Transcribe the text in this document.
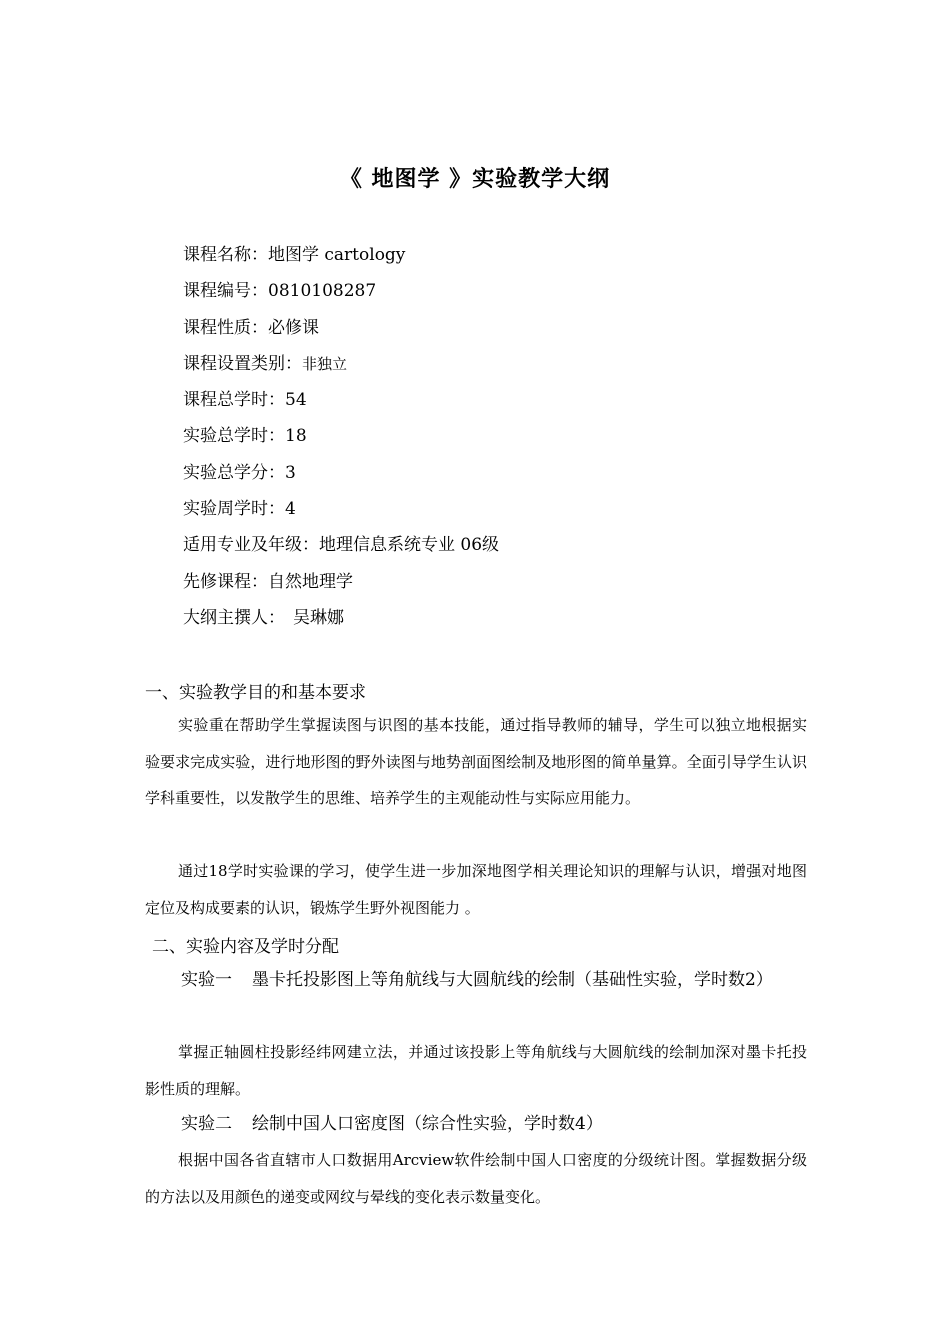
《 地图学 》实验教学大纲
课程名称：地图学 cartology
课程编号：0810108287
课程性质：必修课
课程设置类别：非独立
课程总学时：54
实验总学时：18
实验总学分：3
实验周学时：4
适用专业及年级：地理信息系统专业 06级
先修课程：自然地理学
大纲主撰人： 吴琳娜
一、实验教学目的和基本要求
实验重在帮助学生掌握读图与识图的基本技能，通过指导教师的辅导，学生可以独立地根据实验要求完成实验，进行地形图的野外读图与地势剖面图绘制及地形图的简单量算。全面引导学生认识学科重要性，以发散学生的思维、培养学生的主观能动性与实际应用能力。
通过18学时实验课的学习，使学生进一步加深地图学相关理论知识的理解与认识，增强对地图定位及构成要素的认识，锻炼学生野外视图能力 。
二、实验内容及学时分配
实验一 墨卡托投影图上等角航线与大圆航线的绘制（基础性实验，学时数2）
掌握正轴圆柱投影经纬网建立法，并通过该投影上等角航线与大圆航线的绘制加深对墨卡托投影性质的理解。
实验二 绘制中国人口密度图（综合性实验，学时数4）
根据中国各省直辖市人口数据用Arcview软件绘制中国人口密度的分级统计图。掌握数据分级的方法以及用颜色的递变或网纹与晕线的变化表示数量变化。
